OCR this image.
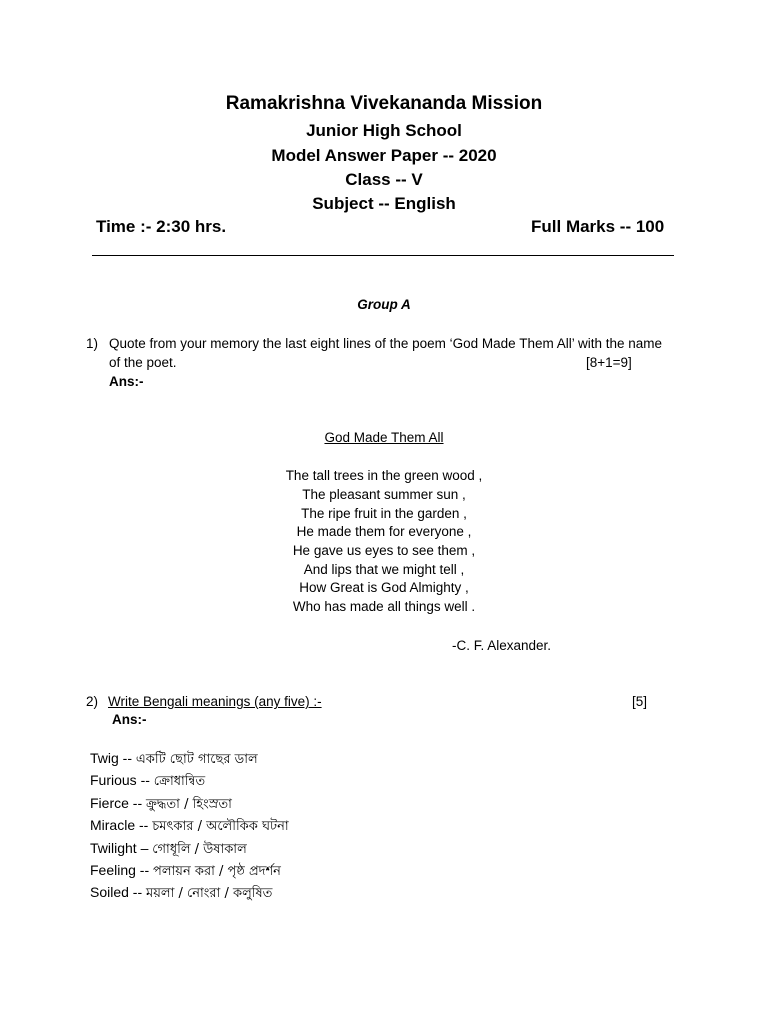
Ramakrishna Vivekananda Mission
Junior High School
Model Answer Paper -- 2020
Class -- V
Subject -- English
Time :- 2:30 hrs.	Full Marks -- 100
Group A
1) Quote from your memory the last eight lines of the poem ‘God Made Them All’ with the name
of the poet.	[8+1=9]
Ans:-
God Made Them All
The tall trees in the green wood ,
The pleasant summer sun ,
The ripe fruit in the garden ,
He made them for everyone ,
He gave us eyes to see them ,
And lips that we might tell ,
How Great is God Almighty ,
Who has made all things well .
-C. F. Alexander.
2) Write Bengali meanings (any five) :-	[5]
Ans:-
Twig -- একটি ছোট গাছের ডাল
Furious -- ক্রোধান্বিত
Fierce -- ক্রুদ্ধতা / হিংস্রতা
Miracle -- চমৎকার / অলৌকিক ঘটনা
Twilight – গোধূলি / উষাকাল
Feeling -- পলায়ন করা / পৃষ্ঠ প্রদর্শন
Soiled -- ময়লা / নোংরা / কলুষিত
